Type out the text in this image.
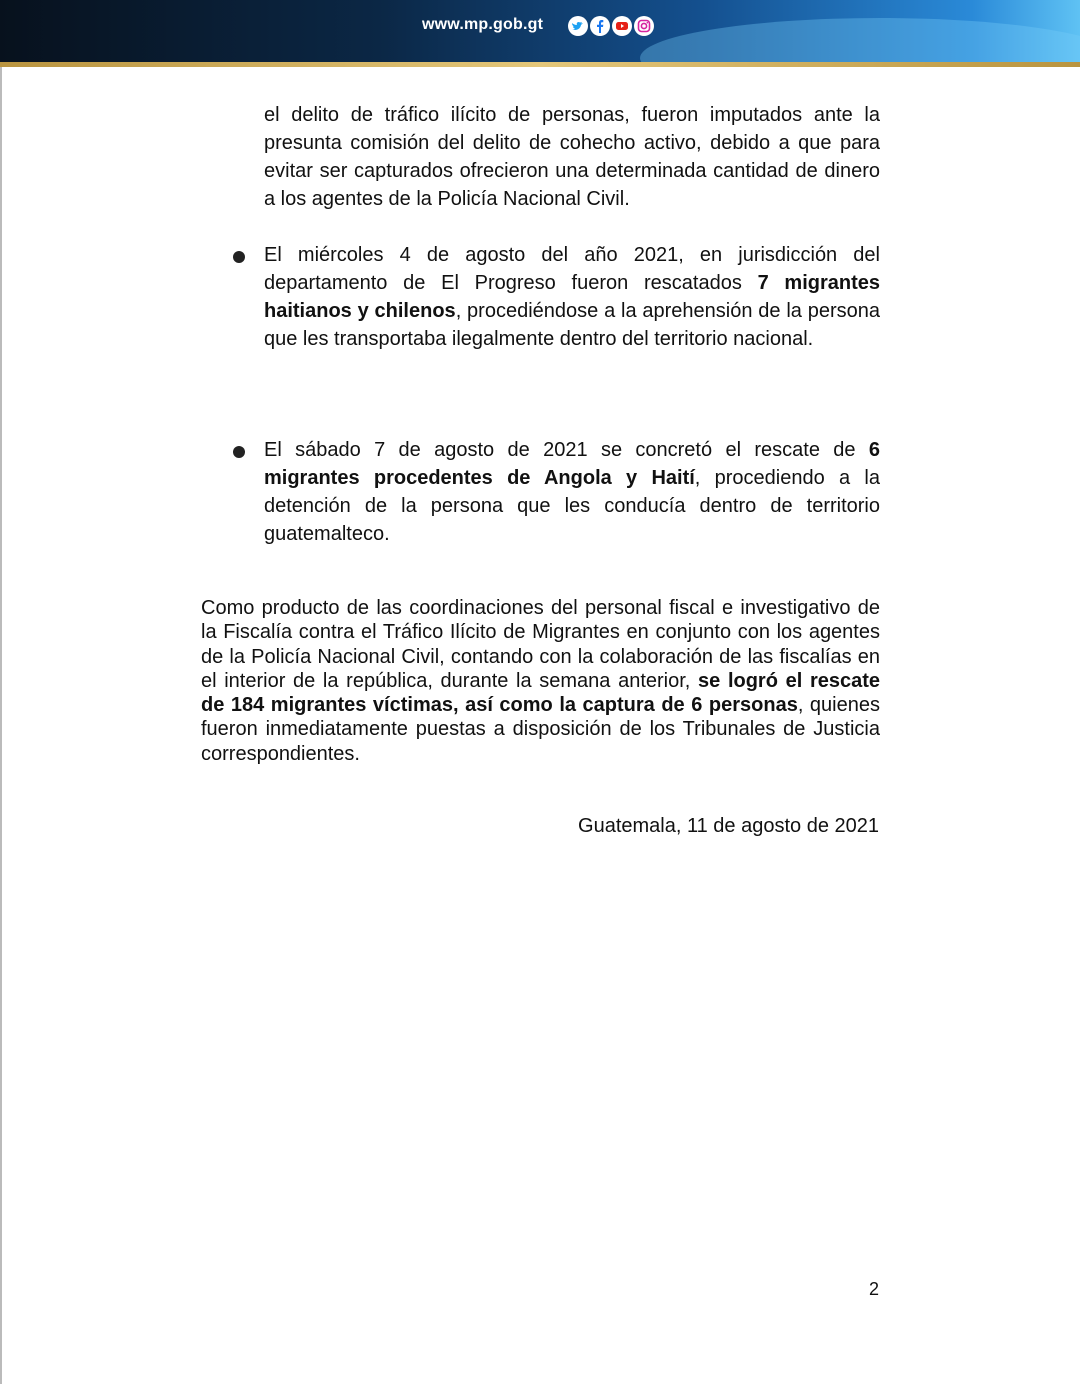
www.mp.gob.gt
el delito de tráfico ilícito de personas, fueron imputados ante la presunta comisión del delito de cohecho activo, debido a que para evitar ser capturados ofrecieron una determinada cantidad de dinero a los agentes de la Policía Nacional Civil.
El miércoles 4 de agosto del año 2021, en jurisdicción del departamento de El Progreso fueron rescatados 7 migrantes haitianos y chilenos, procediéndose a la aprehensión de la persona que les transportaba ilegalmente dentro del territorio nacional.
El sábado 7 de agosto de 2021 se concretó el rescate de 6 migrantes procedentes de Angola y Haití, procediendo a la detención de la persona que les conducía dentro de territorio guatemalteco.
Como producto de las coordinaciones del personal fiscal e investigativo de la Fiscalía contra el Tráfico Ilícito de Migrantes en conjunto con los agentes de la Policía Nacional Civil, contando con la colaboración de las fiscalías en el interior de la república, durante la semana anterior, se logró el rescate de 184 migrantes víctimas, así como la captura de 6 personas, quienes fueron inmediatamente puestas a disposición de los Tribunales de Justicia correspondientes.
Guatemala, 11 de agosto de 2021
2
